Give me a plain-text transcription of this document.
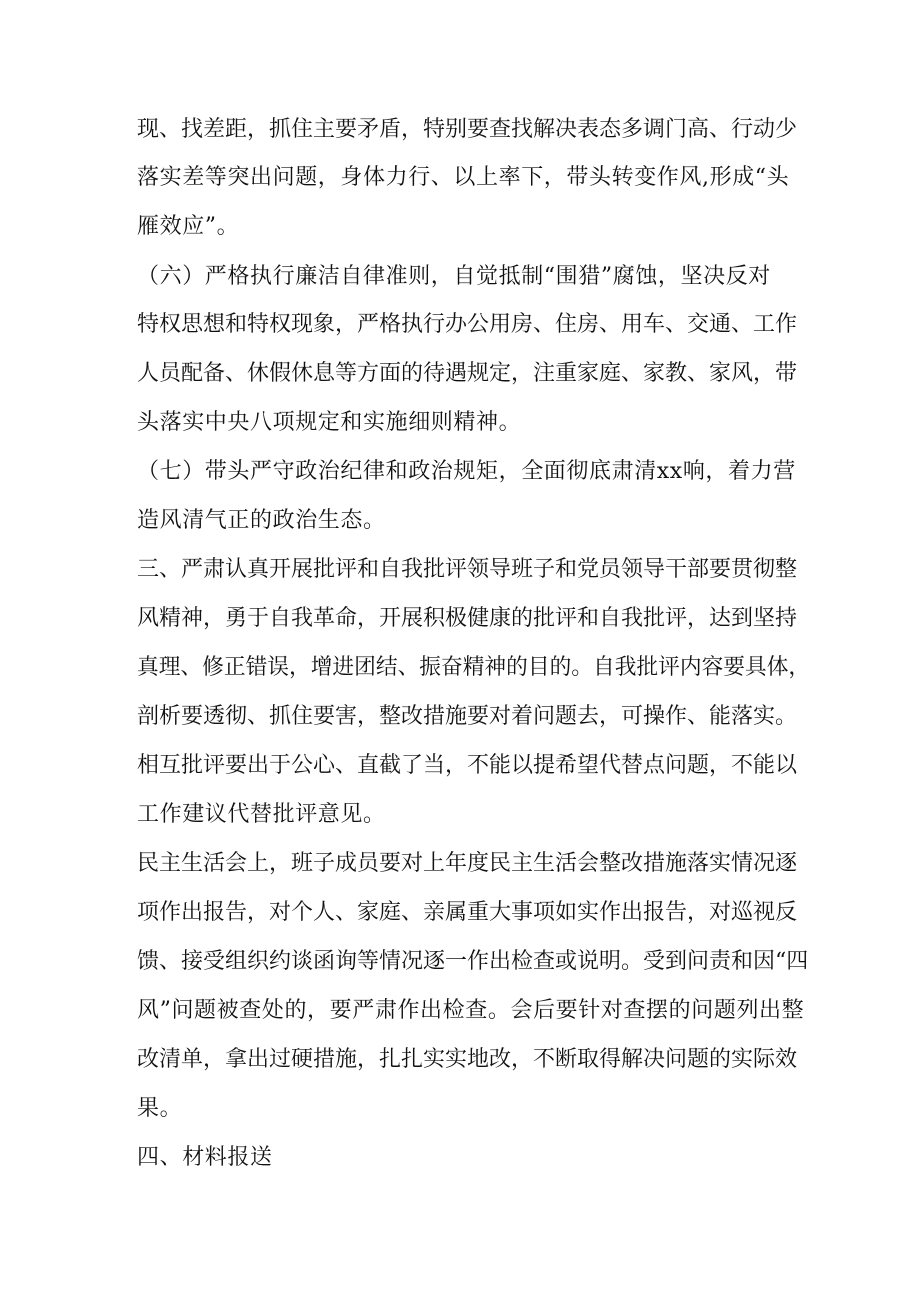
现、找差距，抓住主要矛盾，特别要查找解决表态多调门高、行动少
落实差等突出问题，身体力行、以上率下，带头转变作风,形成“头
雁效应”。
（六）严格执行廉洁自律准则，自觉抵制“围猎”腐蚀，坚决反对
特权思想和特权现象，严格执行办公用房、住房、用车、交通、工作
人员配备、休假休息等方面的待遇规定，注重家庭、家教、家风，带
头落实中央八项规定和实施细则精神。
（七）带头严守政治纪律和政治规矩，全面彻底肃清xx响，着力营
造风清气正的政治生态。
三、严肃认真开展批评和自我批评领导班子和党员领导干部要贯彻整
风精神，勇于自我革命，开展积极健康的批评和自我批评，达到坚持
真理、修正错误，增进团结、振奋精神的目的。自我批评内容要具体，
剖析要透彻、抓住要害，整改措施要对着问题去，可操作、能落实。
相互批评要出于公心、直截了当，不能以提希望代替点问题，不能以
工作建议代替批评意见。
民主生活会上，班子成员要对上年度民主生活会整改措施落实情况逐
项作出报告，对个人、家庭、亲属重大事项如实作出报告，对巡视反
馈、接受组织约谈函询等情况逐一作出检查或说明。受到问责和因“四
风”问题被查处的，要严肃作出检查。会后要针对查摆的问题列出整
改清单，拿出过硬措施，扎扎实实地改，不断取得解决问题的实际效
果。
四、材料报送
